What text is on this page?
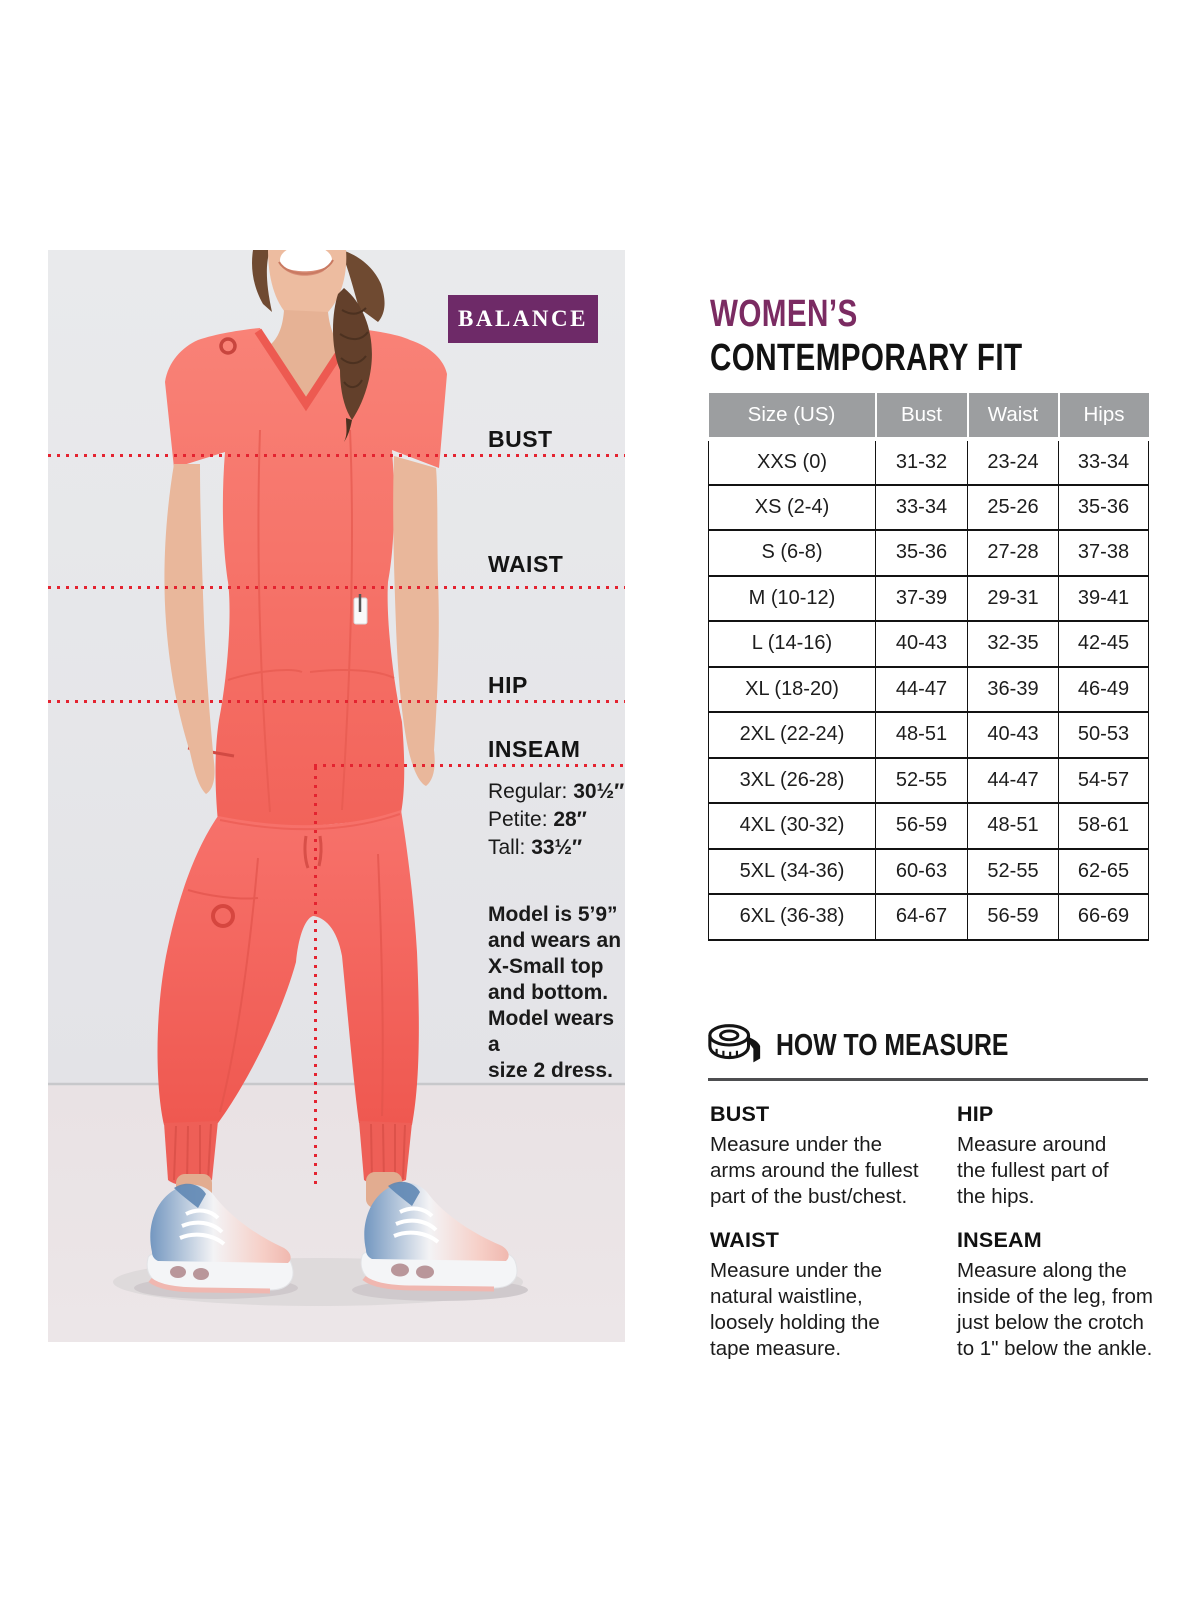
BALANCE
BUST
WAIST
HIP
INSEAM
Regular: 30½″
Petite: 28″
Tall: 33½″
Model is 5’9”
and wears an
X-Small top
and bottom.
Model wears a
size 2 dress.
WOMEN’S
CONTEMPORARY FIT
Size (US)	Bust	Waist	Hips
XXS (0)	31-32	23-24	33-34
XS (2-4)	33-34	25-26	35-36
S (6-8)	35-36	27-28	37-38
M (10-12)	37-39	29-31	39-41
L (14-16)	40-43	32-35	42-45
XL (18-20)	44-47	36-39	46-49
2XL (22-24)	48-51	40-43	50-53
3XL (26-28)	52-55	44-47	54-57
4XL (30-32)	56-59	48-51	58-61
5XL (34-36)	60-63	52-55	62-65
6XL (36-38)	64-67	56-59	66-69
HOW TO MEASURE
BUST

Measure under the
arms around the fullest
part of the bust/chest.

HIP

Measure around
the fullest part of
the hips.

WAIST

Measure under the
natural waistline,
loosely holding the
tape measure.

INSEAM

Measure along the
inside of the leg, from
just below the crotch
to 1" below the ankle.
